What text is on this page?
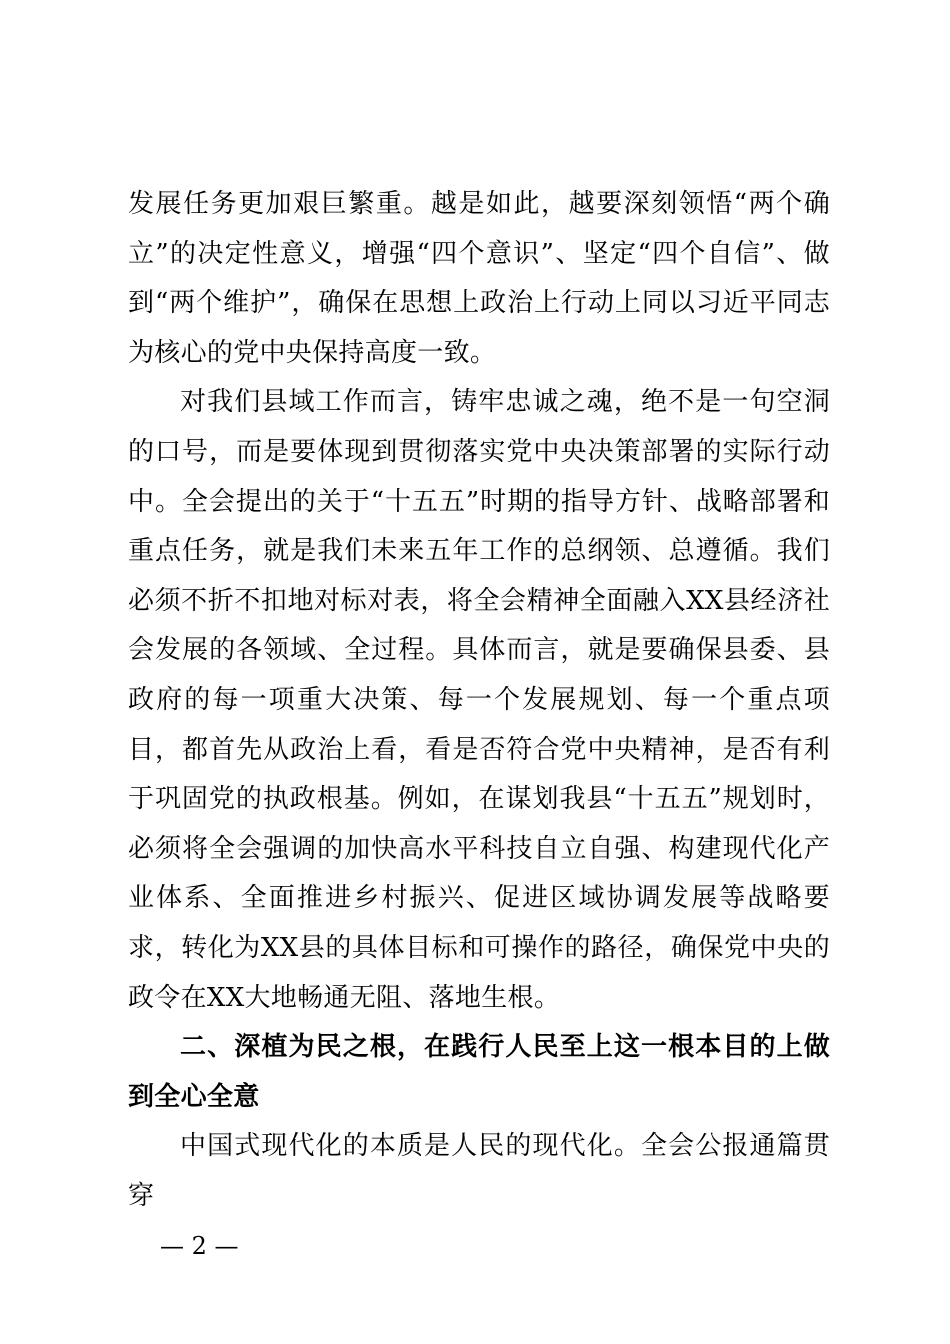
发展任务更加艰巨繁重。越是如此，越要深刻领悟“两个确立”的决定性意义，增强“四个意识”、坚定“四个自信”、做到“两个维护”，确保在思想上政治上行动上同以习近平同志为核心的党中央保持高度一致。

对我们县域工作而言，铸牢忠诚之魂，绝不是一句空洞的口号，而是要体现到贯彻落实党中央决策部署的实际行动中。全会提出的关于“十五五”时期的指导方针、战略部署和重点任务，就是我们未来五年工作的总纲领、总遵循。我们必须不折不扣地对标对表，将全会精神全面融入XX县经济社会发展的各领域、全过程。具体而言，就是要确保县委、县政府的每一项重大决策、每一个发展规划、每一个重点项目，都首先从政治上看，看是否符合党中央精神，是否有利于巩固党的执政根基。例如，在谋划我县“十五五”规划时，必须将全会强调的加快高水平科技自立自强、构建现代化产业体系、全面推进乡村振兴、促进区域协调发展等战略要求，转化为XX县的具体目标和可操作的路径，确保党中央的政令在XX大地畅通无阻、落地生根。

二、深植为民之根，在践行人民至上这一根本目的上做到全心全意

中国式现代化的本质是人民的现代化。全会公报通篇贯穿

— 2 —
